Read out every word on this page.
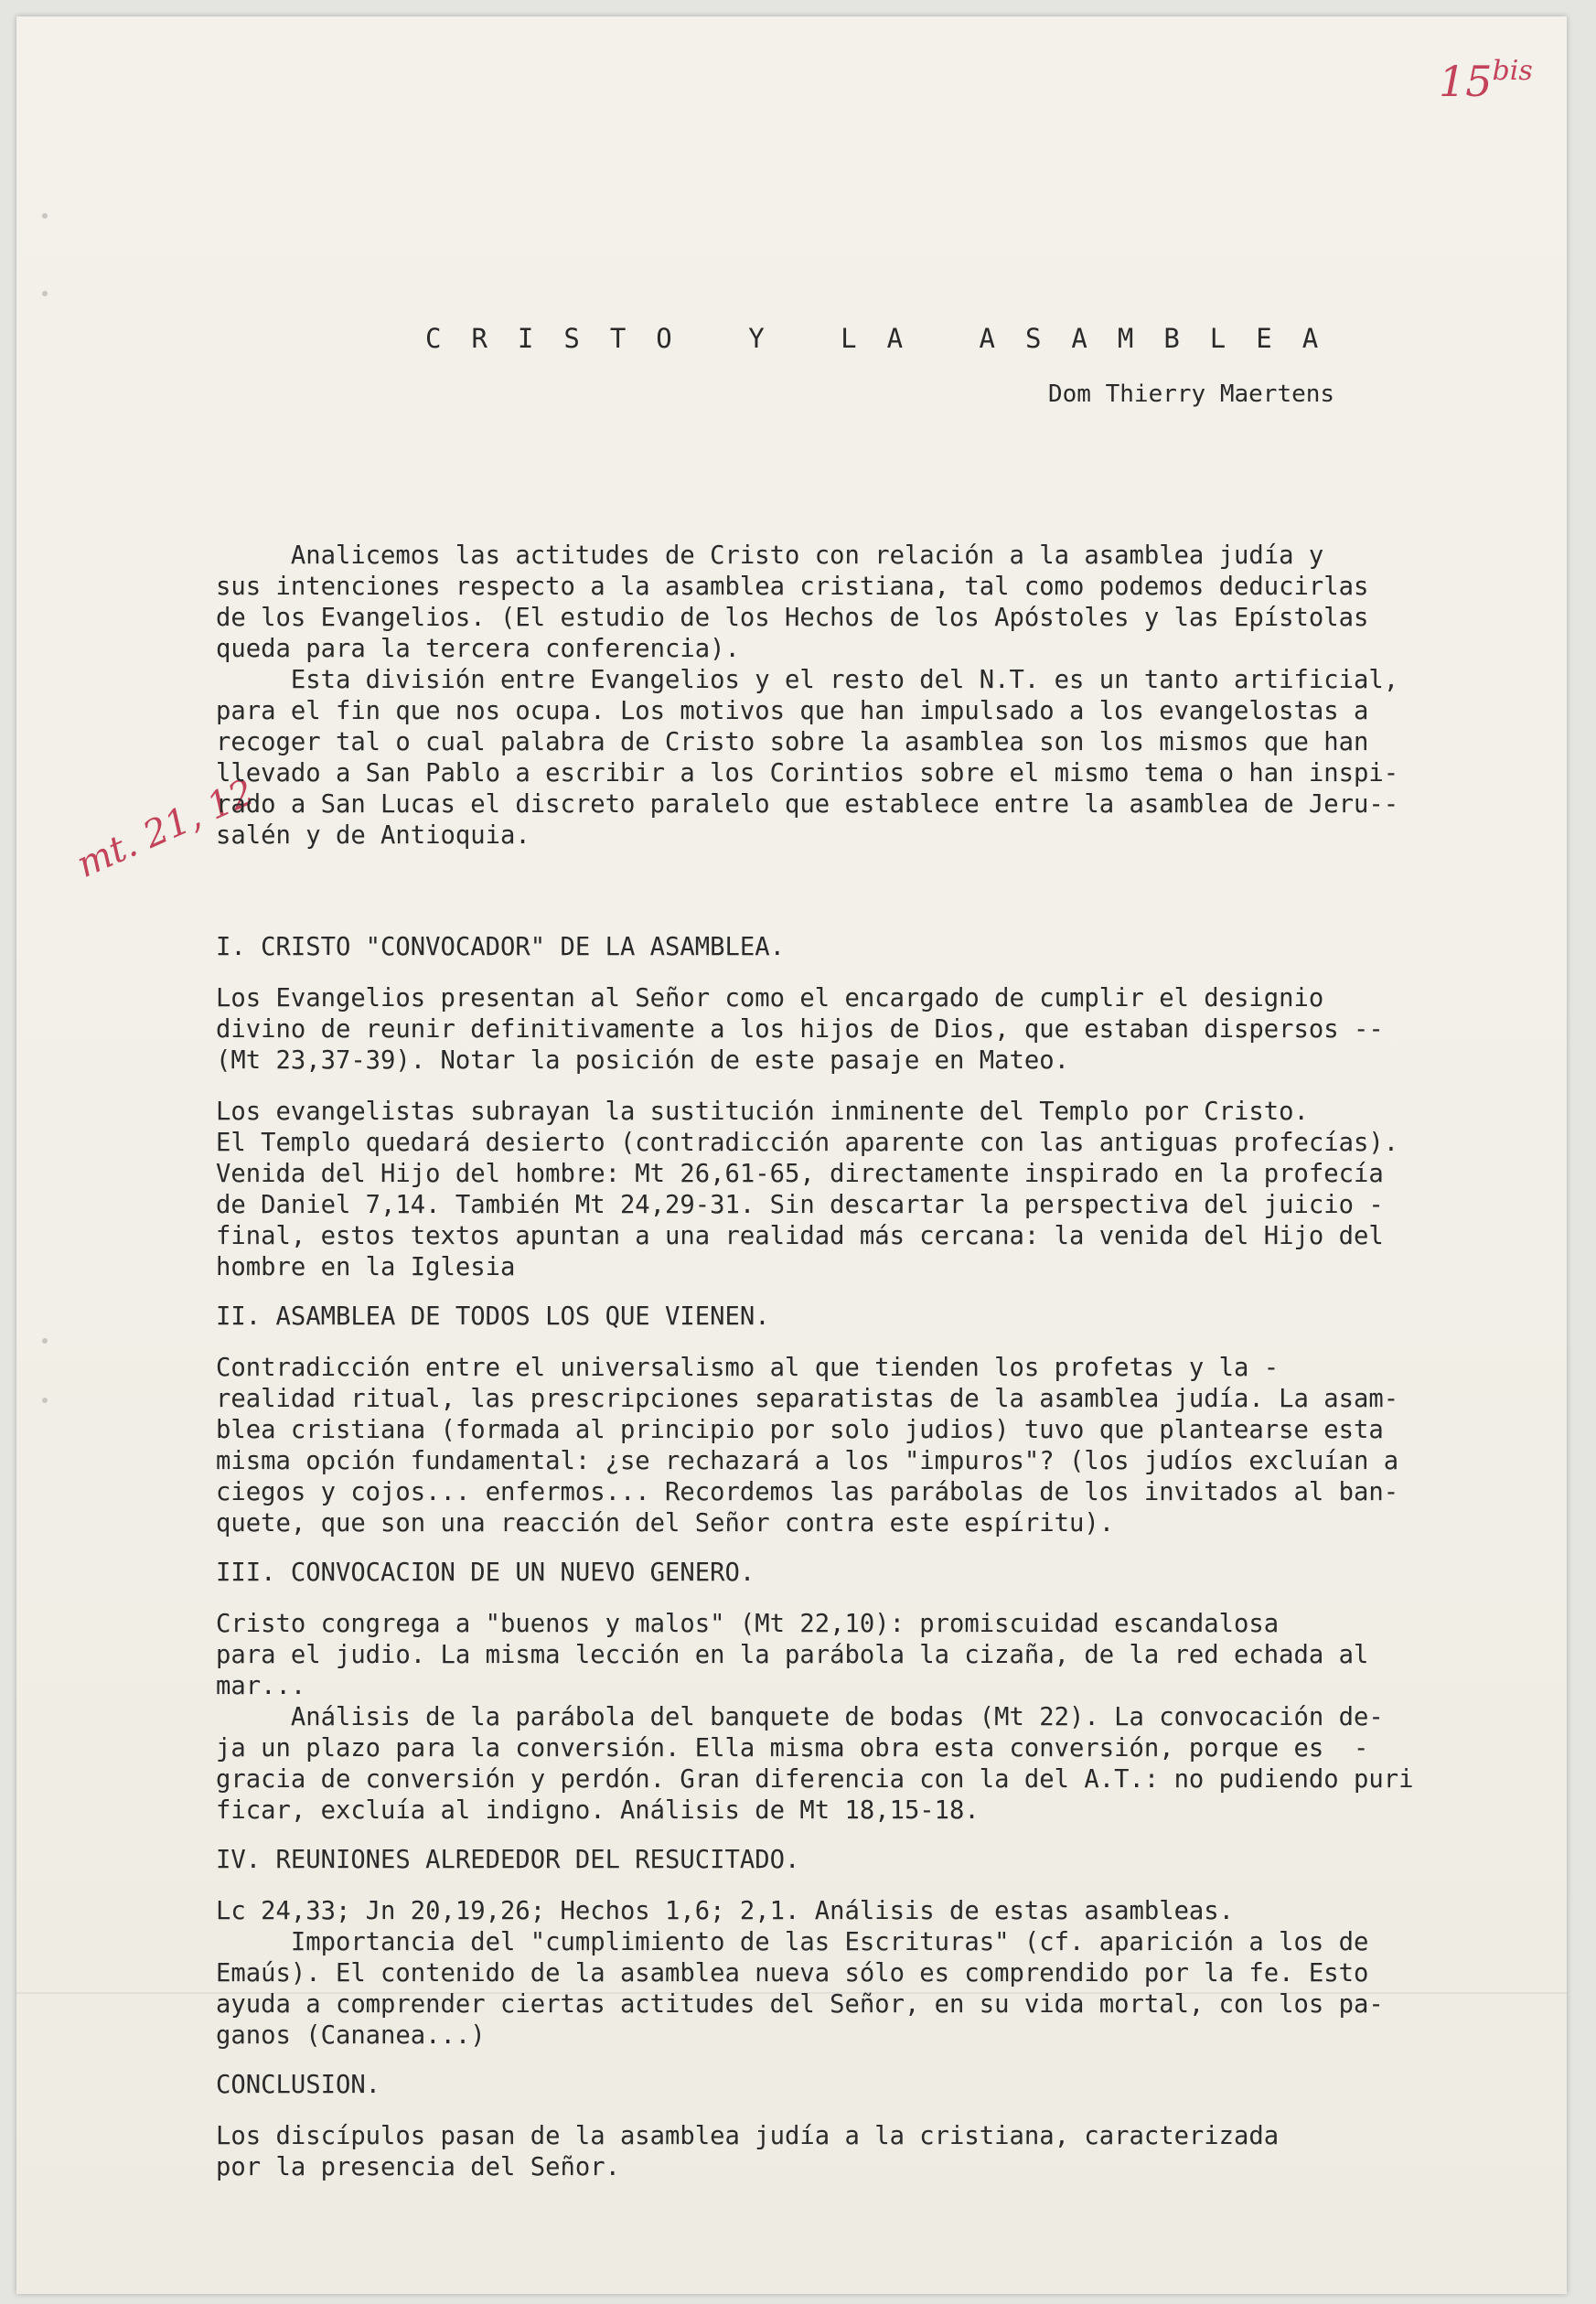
$15^{bis}$
mt. 21, 12
CRISTO Y LA ASAMBLEA
Dom Thierry Maertens

Analicemos las actitudes de Cristo con relación a la asamblea judía y

sus intenciones respecto a la asamblea cristiana, tal como podemos deducirlas

de los Evangelios. (El estudio de los Hechos de los Apóstoles y las Epístolas

queda para la tercera conferencia).

Esta división entre Evangelios y el resto del N.T. es un tanto artificial,

para el fin que nos ocupa. Los motivos que han impulsado a los evangelostas a

recoger tal o cual palabra de Cristo sobre la asamblea son los mismos que han

llevado a San Pablo a escribir a los Corintios sobre el mismo tema o han inspi-

rado a San Lucas el discreto paralelo que establece entre la asamblea de Jeru--

salén y de Antioquia.

I. CRISTO "CONVOCADOR" DE LA ASAMBLEA.

Los Evangelios presentan al Señor como el encargado de cumplir el designio

divino de reunir definitivamente a los hijos de Dios, que estaban dispersos --

(Mt 23,37-39). Notar la posición de este pasaje en Mateo.

Los evangelistas subrayan la sustitución inminente del Templo por Cristo.

El Templo quedará desierto (contradicción aparente con las antiguas profecías).

Venida del Hijo del hombre: Mt 26,61-65, directamente inspirado en la profecía

de Daniel 7,14. También Mt 24,29-31. Sin descartar la perspectiva del juicio -

final, estos textos apuntan a una realidad más cercana: la venida del Hijo del

hombre en la Iglesia

II. ASAMBLEA DE TODOS LOS QUE VIENEN.

Contradicción entre el universalismo al que tienden los profetas y la -

realidad ritual, las prescripciones separatistas de la asamblea judía. La asam-

blea cristiana (formada al principio por solo judios) tuvo que plantearse esta

misma opción fundamental: ¿se rechazará a los "impuros"? (los judíos excluían a

ciegos y cojos... enfermos... Recordemos las parábolas de los invitados al ban-

quete, que son una reacción del Señor contra este espíritu).

III. CONVOCACION DE UN NUEVO GENERO.

Cristo congrega a "buenos y malos" (Mt 22,10): promiscuidad escandalosa

para el judio. La misma lección en la parábola la cizaña, de la red echada al

mar...

Análisis de la parábola del banquete de bodas (Mt 22). La convocación de-

ja un plazo para la conversión. Ella misma obra esta conversión, porque es  -

gracia de conversión y perdón. Gran diferencia con la del A.T.: no pudiendo puri

ficar, excluía al indigno. Análisis de Mt 18,15-18.

IV. REUNIONES ALREDEDOR DEL RESUCITADO.

Lc 24,33; Jn 20,19,26; Hechos 1,6; 2,1. Análisis de estas asambleas.

Importancia del "cumplimiento de las Escrituras" (cf. aparición a los de

Emaús). El contenido de la asamblea nueva sólo es comprendido por la fe. Esto

ayuda a comprender ciertas actitudes del Señor, en su vida mortal, con los pa-

ganos (Cananea...)

CONCLUSION.

Los discípulos pasan de la asamblea judía a la cristiana, caracterizada

por la presencia del Señor.
